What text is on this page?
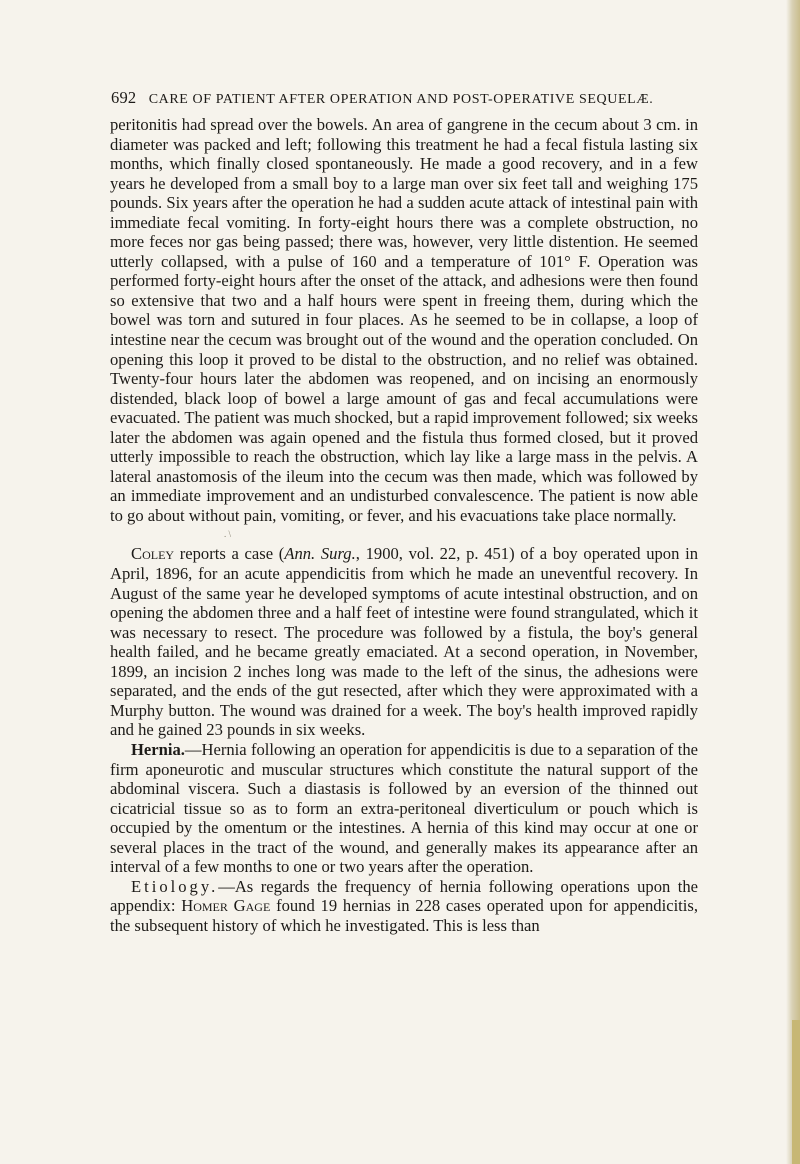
692 CARE OF PATIENT AFTER OPERATION AND POST-OPERATIVE SEQUELÆ.

peritonitis had spread over the bowels. An area of gangrene in the cecum about 3 cm. in diameter was packed and left; following this treatment he had a fecal fistula lasting six months, which finally closed spontaneously. He made a good recovery, and in a few years he developed from a small boy to a large man over six feet tall and weighing 175 pounds. Six years after the operation he had a sudden acute attack of intestinal pain with immediate fecal vomiting. In forty-eight hours there was a complete obstruction, no more feces nor gas being passed; there was, however, very little distention. He seemed utterly collapsed, with a pulse of 160 and a temperature of 101° F. Operation was performed forty-eight hours after the onset of the attack, and adhesions were then found so extensive that two and a half hours were spent in freeing them, during which the bowel was torn and sutured in four places. As he seemed to be in collapse, a loop of intestine near the cecum was brought out of the wound and the operation concluded. On opening this loop it proved to be distal to the obstruction, and no relief was obtained. Twenty-four hours later the abdomen was reopened, and on incising an enormously distended, black loop of bowel a large amount of gas and fecal accumulations were evacuated. The patient was much shocked, but a rapid improvement followed; six weeks later the abdomen was again opened and the fistula thus formed closed, but it proved utterly impossible to reach the obstruction, which lay like a large mass in the pelvis. A lateral anastomosis of the ileum into the cecum was then made, which was followed by an immediate improvement and an undisturbed convalescence. The patient is now able to go about without pain, vomiting, or fever, and his evacuations take place normally.

. \

Coley reports a case (Ann. Surg., 1900, vol. 22, p. 451) of a boy operated upon in April, 1896, for an acute appendicitis from which he made an uneventful recovery. In August of the same year he developed symptoms of acute intestinal obstruction, and on opening the abdomen three and a half feet of intestine were found strangulated, which it was necessary to resect. The procedure was followed by a fistula, the boy's general health failed, and he became greatly emaciated. At a second operation, in November, 1899, an incision 2 inches long was made to the left of the sinus, the adhesions were separated, and the ends of the gut resected, after which they were approximated with a Murphy button. The wound was drained for a week. The boy's health improved rapidly and he gained 23 pounds in six weeks.

Hernia.—Hernia following an operation for appendicitis is due to a separation of the firm aponeurotic and muscular structures which constitute the natural support of the abdominal viscera. Such a diastasis is followed by an eversion of the thinned out cicatricial tissue so as to form an extra-peritoneal diverticulum or pouch which is occupied by the omentum or the intestines. A hernia of this kind may occur at one or several places in the tract of the wound, and generally makes its appearance after an interval of a few months to one or two years after the operation.

Etiology.—As regards the frequency of hernia following operations upon the appendix: Homer Gage found 19 hernias in 228 cases operated upon for appendicitis, the subsequent history of which he investigated. This is less than
